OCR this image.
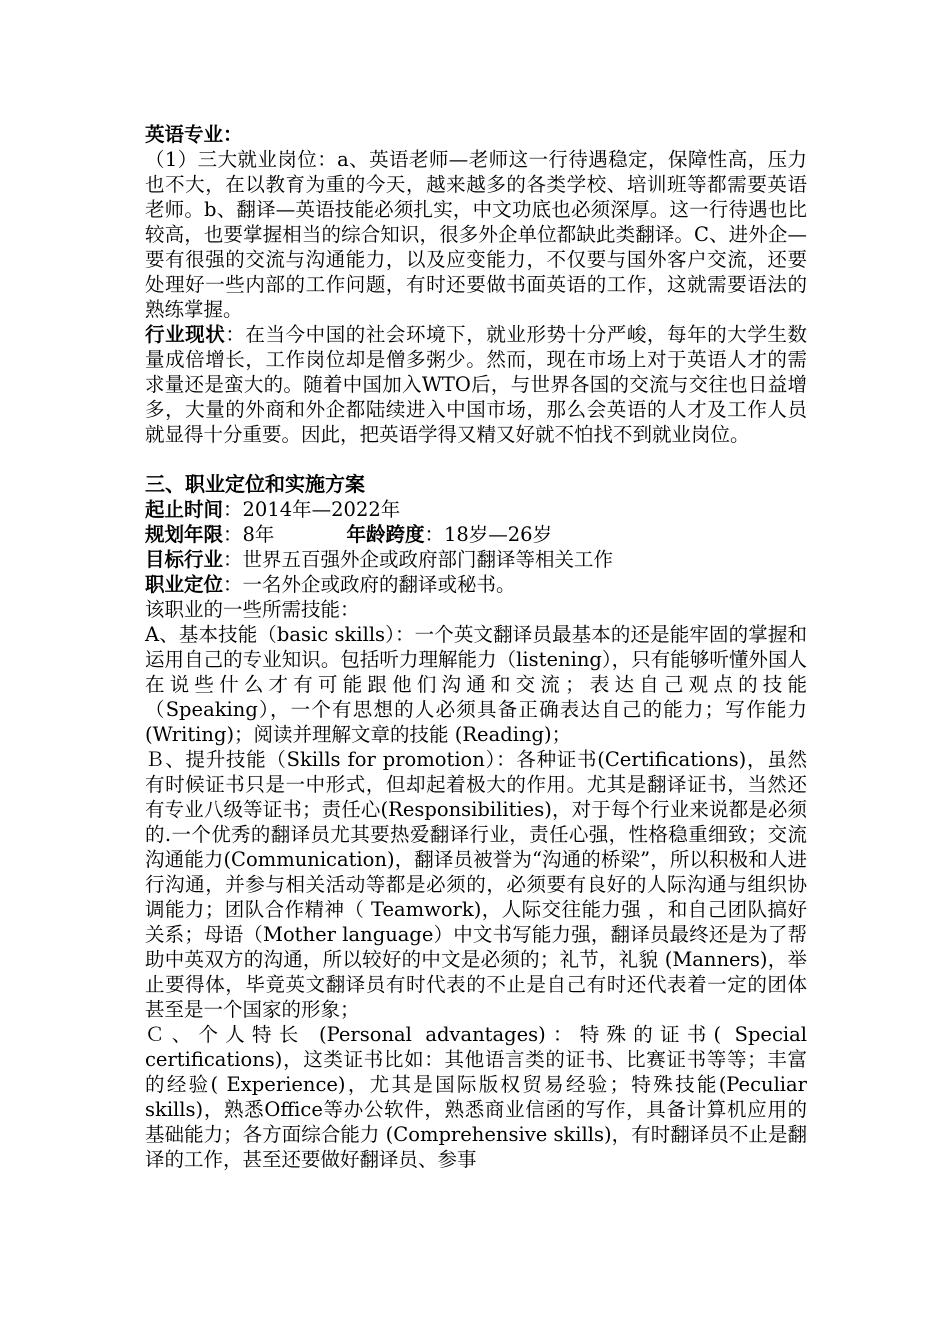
英语专业：

（1）三大就业岗位：a、英语老师—老师这一行待遇稳定，保障性高，压力也不大，在以教育为重的今天，越来越多的各类学校、培训班等都需要英语老师。b、翻译—英语技能必须扎实，中文功底也必须深厚。这一行待遇也比较高，也要掌握相当的综合知识，很多外企单位都缺此类翻译。C、进外企—要有很强的交流与沟通能力，以及应变能力，不仅要与国外客户交流，还要处理好一些内部的工作问题，有时还要做书面英语的工作，这就需要语法的熟练掌握。

行业现状：在当今中国的社会环境下，就业形势十分严峻，每年的大学生数量成倍增长，工作岗位却是僧多粥少。然而，现在市场上对于英语人才的需求量还是蛮大的。随着中国加入WTO后，与世界各国的交流与交往也日益增多，大量的外商和外企都陆续进入中国市场，那么会英语的人才及工作人员就显得十分重要。因此，把英语学得又精又好就不怕找不到就业岗位。

三、职业定位和实施方案

起止时间：2014年—2022年

规划年限：8年	年龄跨度：18岁—26岁

目标行业：世界五百强外企或政府部门翻译等相关工作

职业定位：一名外企或政府的翻译或秘书。

该职业的一些所需技能：

A、基本技能（basic skills）：一个英文翻译员最基本的还是能牢固的掌握和运用自己的专业知识。包括听力理解能力（listening），只有能够听懂外国人在说些什么才有可能跟他们沟通和交流；表达自己观点的技能（Speaking），一个有思想的人必须具备正确表达自己的能力；写作能力 (Writing)；阅读并理解文章的技能 (Reading)；

Ｂ、提升技能（Skills for promotion）：各种证书(Certifications)，虽然有时候证书只是一中形式，但却起着极大的作用。尤其是翻译证书，当然还有专业八级等证书；责任心(Responsibilities)，对于每个行业来说都是必须的.一个优秀的翻译员尤其要热爱翻译行业，责任心强，性格稳重细致；交流沟通能力(Communication)，翻译员被誉为“沟通的桥梁”，所以积极和人进行沟通，并参与相关活动等都是必须的，必须要有良好的人际沟通与组织协调能力；团队合作精神（ Teamwork)，人际交往能力强 ，和自己团队搞好关系；母语（Mother language）中文书写能力强，翻译员最终还是为了帮助中英双方的沟通，所以较好的中文是必须的；礼节，礼貌 (Manners)，举止要得体，毕竟英文翻译员有时代表的不止是自己有时还代表着一定的团体甚至是一个国家的形象；

Ｃ、个人特长 (Personal advantages)：特殊的证书( Special certifications)，这类证书比如：其他语言类的证书、比赛证书等等；丰富的经验( Experience)，尤其是国际版权贸易经验；特殊技能(Peculiar skills)，熟悉Office等办公软件，熟悉商业信函的写作，具备计算机应用的基础能力；各方面综合能力 (Comprehensive skills)，有时翻译员不止是翻译的工作，甚至还要做好翻译员、参事
